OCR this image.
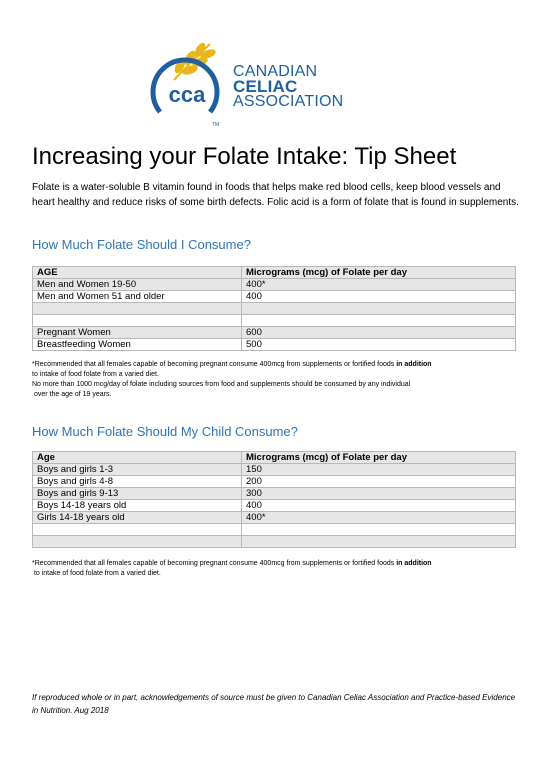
cca
TM
CANADIAN
CELIAC
ASSOCIATION
Increasing your Folate Intake: Tip Sheet

Folate is a water-soluble B vitamin found in foods that helps make red blood cells, keep blood vessels and heart healthy and reduce risks of some birth defects. Folic acid is a form of folate that is found in supplements.

How Much Folate Should I Consume?
AGE	Micrograms (mcg) of Folate per day
Men and Women 19-50	400*
Men and Women 51 and older	400

Pregnant Women	600
Breastfeeding Women	500

*Recommended that all females capable of becoming pregnant consume 400mcg from supplements or fortified foods in addition
to intake of food folate from a varied diet.
No more than 1000 mcg/day of folate including sources from food and supplements should be consumed by any individual
over the age of 19 years.

How Much Folate Should My Child Consume?
Age	Micrograms (mcg) of Folate per day
Boys and girls 1-3	150
Boys and girls 4-8	200
Boys and girls 9-13	300
Boys 14-18 years old	400
Girls 14-18 years old	400*

*Recommended that all females capable of becoming pregnant consume 400mcg from supplements or fortified foods in addition
to intake of food folate from a varied diet.

If reproduced whole or in part, acknowledgements of source must be given to Canadian Celiac Association and Practice-based Evidence in Nutrition. Aug 2018
